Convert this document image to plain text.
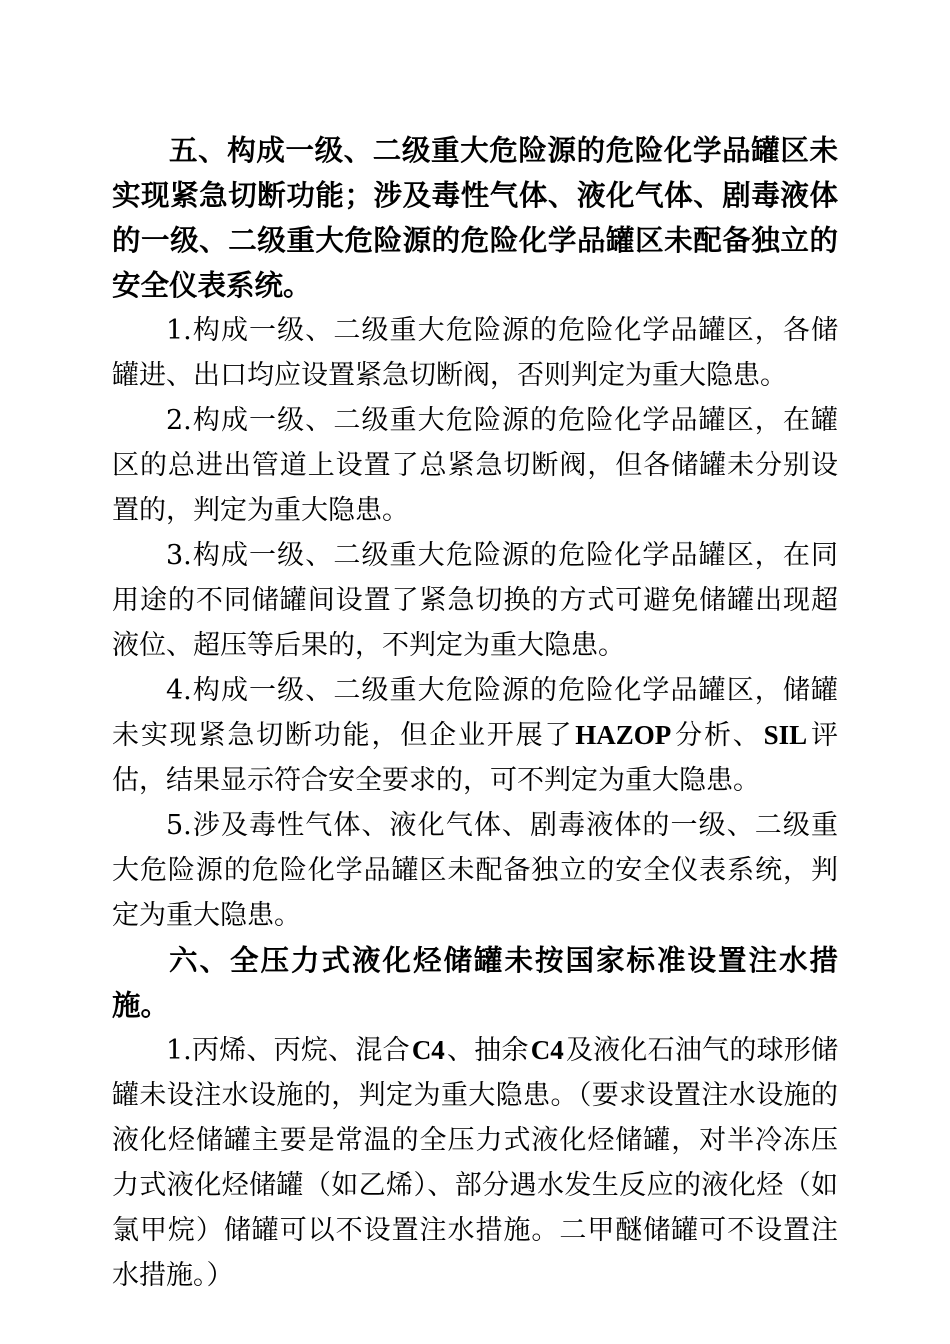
五、构成一级、二级重大危险源的危险化学品罐区未实现紧急切断功能；涉及毒性气体、液化气体、剧毒液体的一级、二级重大危险源的危险化学品罐区未配备独立的安全仪表系统。

1.构成一级、二级重大危险源的危险化学品罐区，各储罐进、出口均应设置紧急切断阀，否则判定为重大隐患。

2.构成一级、二级重大危险源的危险化学品罐区，在罐区的总进出管道上设置了总紧急切断阀，但各储罐未分别设置的，判定为重大隐患。

3.构成一级、二级重大危险源的危险化学品罐区，在同用途的不同储罐间设置了紧急切换的方式可避免储罐出现超液位、超压等后果的，不判定为重大隐患。

4.构成一级、二级重大危险源的危险化学品罐区，储罐未实现紧急切断功能，但企业开展了HAZOP分析、SIL评估，结果显示符合安全要求的，可不判定为重大隐患。

5.涉及毒性气体、液化气体、剧毒液体的一级、二级重大危险源的危险化学品罐区未配备独立的安全仪表系统，判定为重大隐患。

六、全压力式液化烃储罐未按国家标准设置注水措施。

1.丙烯、丙烷、混合C4、抽余C4及液化石油气的球形储罐未设注水设施的，判定为重大隐患。（要求设置注水设施的液化烃储罐主要是常温的全压力式液化烃储罐，对半冷冻压力式液化烃储罐（如乙烯）、部分遇水发生反应的液化烃（如氯甲烷）储罐可以不设置注水措施。二甲醚储罐可不设置注水措施。）
